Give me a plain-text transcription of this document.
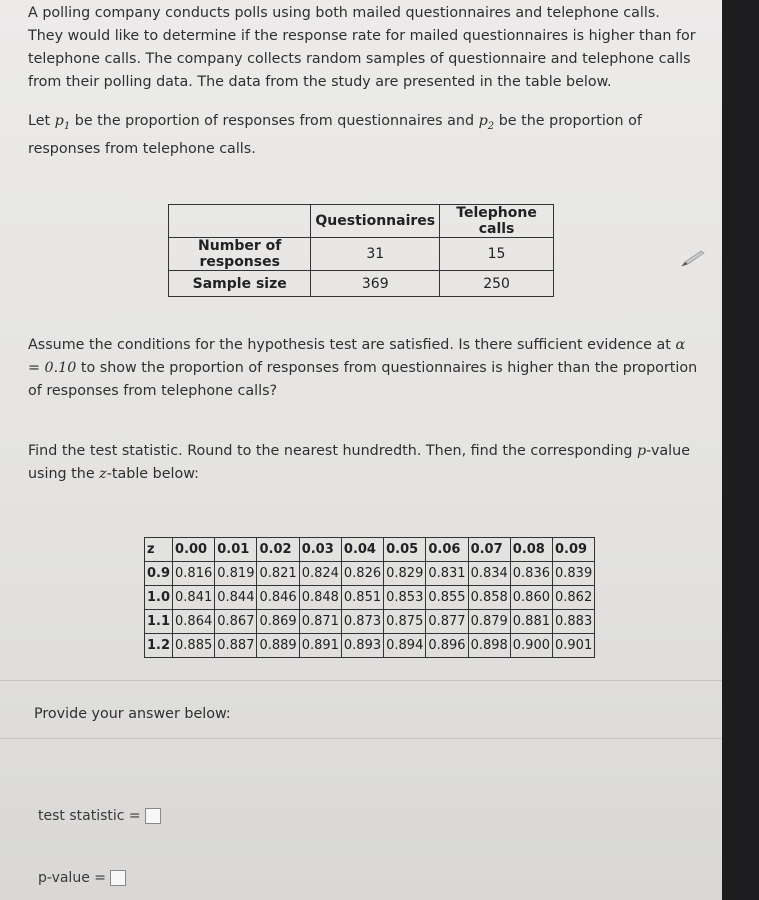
A polling company conducts polls using both mailed questionnaires and telephone calls. They would like to determine if the response rate for mailed questionnaires is higher than for telephone calls. The company collects random samples of questionnaire and telephone calls from their polling data. The data from the study are presented in the table below.

Let $p_1$ be the proportion of responses from questionnaires and $p_2$ be the proportion of responses from telephone calls.

	Questionnaires	Telephone calls
Number of responses	31	15
Sample size	369	250

Assume the conditions for the hypothesis test are satisfied. Is there sufficient evidence at α = 0.10 to show the proportion of responses from questionnaires is higher than the proportion of responses from telephone calls?

Find the test statistic. Round to the nearest hundredth. Then, find the corresponding p-value using the z-table below:

z	0.00	0.01	0.02	0.03	0.04	0.05	0.06	0.07	0.08	0.09
0.9	0.816	0.819	0.821	0.824	0.826	0.829	0.831	0.834	0.836	0.839
1.0	0.841	0.844	0.846	0.848	0.851	0.853	0.855	0.858	0.860	0.862
1.1	0.864	0.867	0.869	0.871	0.873	0.875	0.877	0.879	0.881	0.883
1.2	0.885	0.887	0.889	0.891	0.893	0.894	0.896	0.898	0.900	0.901

Provide your answer below:

test statistic =
p-value =
